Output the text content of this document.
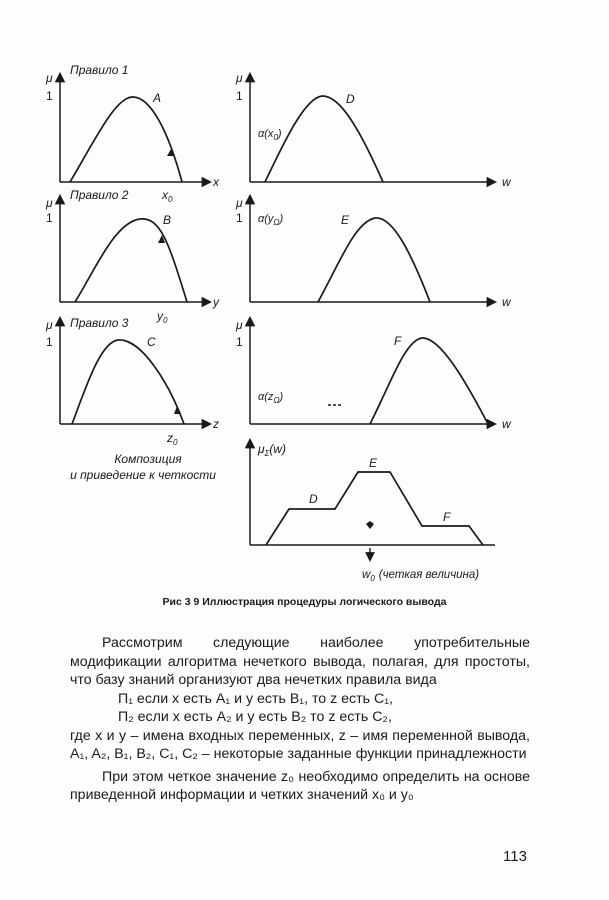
Правило 1
μ
1	A
x
$x_0$
μ
1	D
$\alpha(x_0)$
w
Правило 2
μ
1	B
y
$y_0$
μ
1	E
$\alpha(y_\Omega)$
w
Правило 3
μ
1	C
z
$z_0$
μ
1	F
$\alpha(z_\Omega)$
w
Композиция
и приведение к четкости
$\mu_\Sigma(w)$
D
E
F
$w_0$ (четкая величина)
Рис 3 9 Иллюстрация процедуры логического вывода

Рассмотрим следующие наиболее употребительные модификации алгоритма нечеткого вывода, полагая, для простоты, что базу знаний организуют два нечетких правила вида

П₁ если x есть A₁ и y есть B₁, то z есть C₁,

П₂ если x есть A₂ и y есть B₂ то z есть C₂,

где x и y – имена входных переменных, z – имя переменной вывода, A₁, A₂, B₁, B₂, C₁, C₂ – некоторые заданные функции принадлежности

При этом четкое значение z₀ необходимо определить на основе приведенной информации и четких значений x₀ и y₀

113
